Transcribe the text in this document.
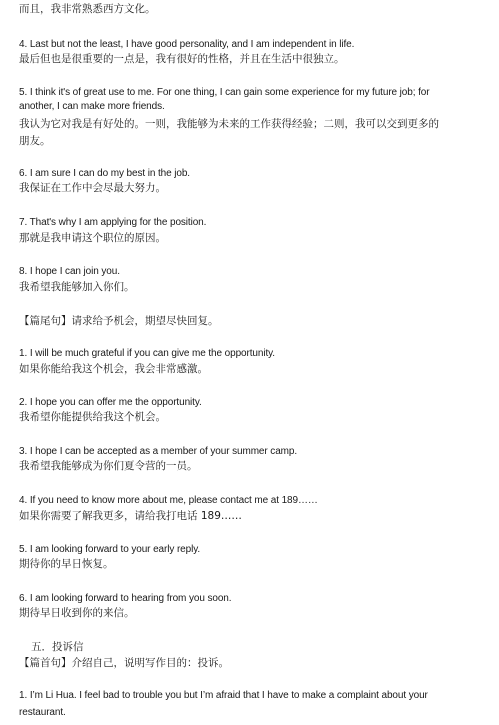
而且，我非常熟悉西方文化。
4. Last but not the least, I have good personality, and I am independent in life.
最后但也是很重要的一点是，我有很好的性格，并且在生活中很独立。
5. I think it's of great use to me. For one thing, I can gain some experience for my future job; for
another, I can make more friends.
我认为它对我是有好处的。一则，我能够为未来的工作获得经验；二则，我可以交到更多的
朋友。
6. I am sure I can do my best in the job.
我保证在工作中会尽最大努力。
7. That's why I am applying for the position.
那就是我申请这个职位的原因。
8. I hope I can join you.
我希望我能够加入你们。
【篇尾句】请求给予机会，期望尽快回复。
1. I will be much grateful if you can give me the opportunity.
如果你能给我这个机会，我会非常感激。
2. I hope you can offer me the opportunity.
我希望你能提供给我这个机会。
3. I hope I can be accepted as a member of your summer camp.
我希望我能够成为你们夏令营的一员。
4. If you need to know more about me, please contact me at 189……
如果你需要了解我更多，请给我打电话 189……
5. I am looking forward to your early reply.
期待你的早日恢复。
6. I am looking forward to hearing from you soon.
期待早日收到你的来信。
五．投诉信
【篇首句】介绍自己，说明写作目的：投诉。
1. I’m Li Hua. I feel bad to trouble you but I’m afraid that I have to make a complaint about your
restaurant.
